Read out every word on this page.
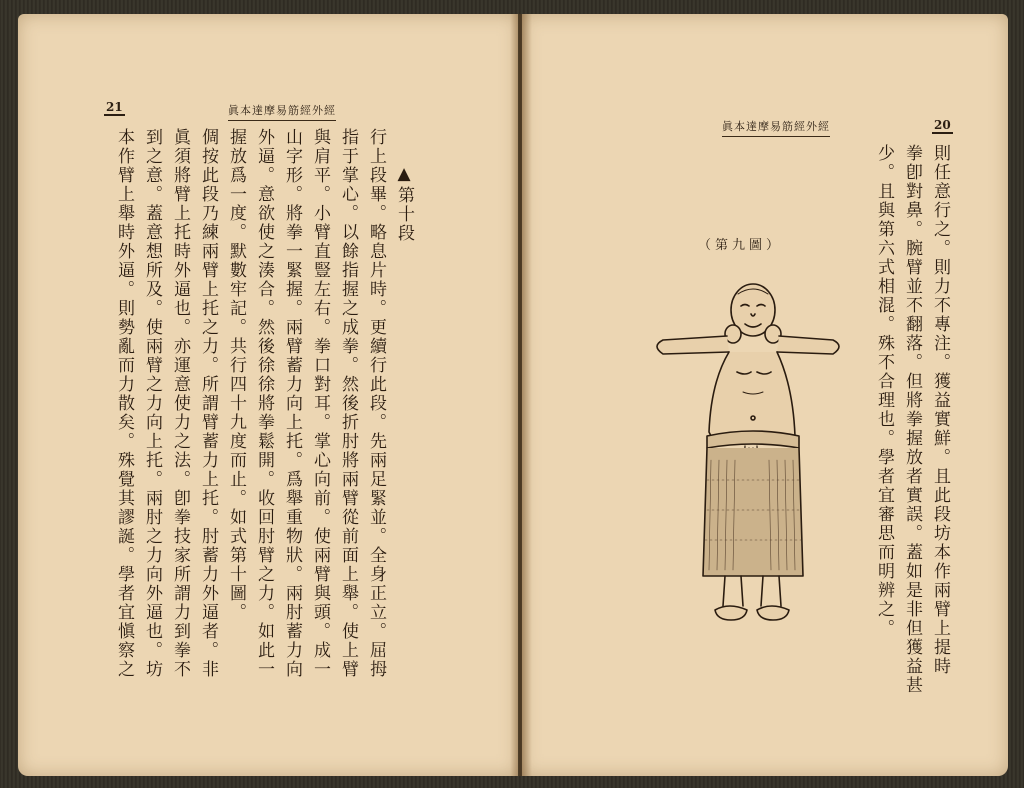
21	眞本達摩易筋經外經
▲第十段
行上段畢。略息片時。更續行此段。先兩足緊並。全身正立。屈拇
指于掌心。以餘指握之成拳。然後折肘將兩臂從前面上舉。使上臂
與肩平。小臂直豎左右。拳口對耳。掌心向前。使兩臂與頭。成一
山字形。將拳一緊握。兩臂蓄力向上托。爲舉重物狀。兩肘蓄力向
外逼。意欲使之湊合。然後徐徐將拳鬆開。收回肘臂之力。如此一
握放爲一度。默數牢記。共行四十九度而止。如式第十圖。
倜按此段乃練兩臂上托之力。所謂臂蓄力上托。肘蓄力外逼者。非
眞須將臂上托時外逼也。亦運意使力之法。卽拳技家所謂力到拳不
到之意。蓋意想所及。使兩臂之力向上托。兩肘之力向外逼也。坊
本作臂上舉時外逼。則勢亂而力散矣。殊覺其謬誕。學者宜愼察之
眞本達摩易筋經外經	20
則任意行之。則力不專注。獲益實鮮。且此段坊本作兩臂上提時
拳卽對鼻。腕臂並不翻落。但將拳握放者實誤。蓋如是非但獲益甚
少。且與第六式相混。殊不合理也。學者宜審思而明辨之。
（第九圖）
